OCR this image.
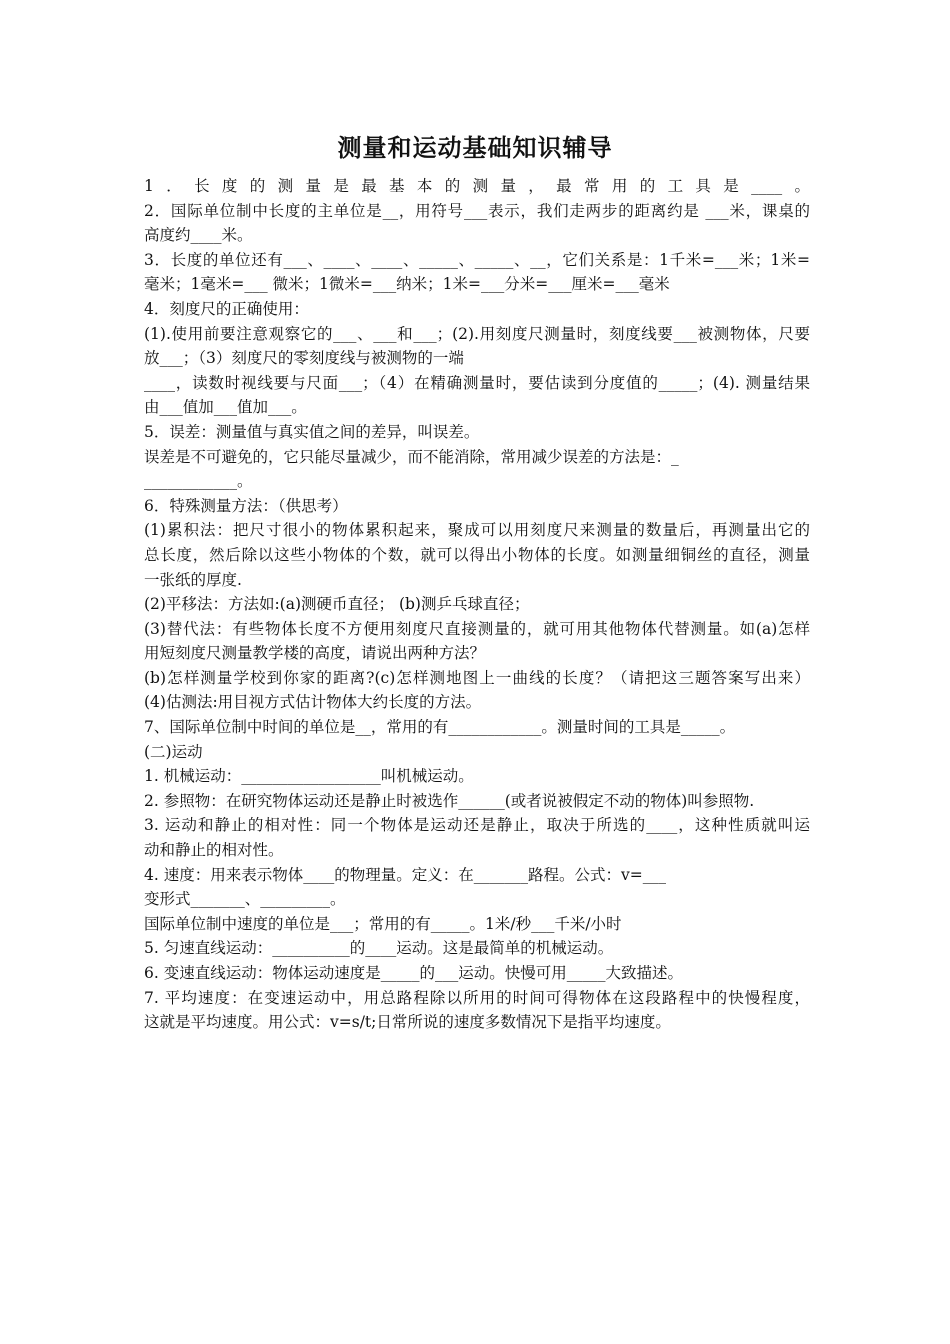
测量和运动基础知识辅导
1．长度的测量是最基本的测量，最常用的工具是____。
2．国际单位制中长度的主单位是__，用符号___表示，我们走两步的距离约是 ___米，课桌的
高度约____米。
3．长度的单位还有___、____、____、_____、_____、__，它们关系是：1千米=___米；1米=
毫米；1毫米=___ 微米；1微米=___纳米；1米=___分米=___厘米=___毫米
4．刻度尺的正确使用：
(1).使用前要注意观察它的___、___和___；(2).用刻度尺测量时，刻度线要___被测物体，尺要
放___；（3）刻度尺的零刻度线与被测物的一端
____，读数时视线要与尺面___；（4）在精确测量时，要估读到分度值的_____；(4). 测量结果
由___值加___值加___。
5．误差：测量值与真实值之间的差异，叫误差。
误差是不可避免的，它只能尽量减少，而不能消除，常用减少误差的方法是：_
____________。
6．特殊测量方法：（供思考）
(1)累积法：把尺寸很小的物体累积起来，聚成可以用刻度尺来测量的数量后，再测量出它的
总长度，然后除以这些小物体的个数，就可以得出小物体的长度。如测量细铜丝的直径，测量
一张纸的厚度.
(2)平移法：方法如:(a)测硬币直径； (b)测乒乓球直径；
(3)替代法：有些物体长度不方便用刻度尺直接测量的，就可用其他物体代替测量。如(a)怎样
用短刻度尺测量教学楼的高度，请说出两种方法？
(b)怎样测量学校到你家的距离?(c)怎样测地图上一曲线的长度？（请把这三题答案写出来）
(4)估测法:用目视方式估计物体大约长度的方法。
7、国际单位制中时间的单位是__，常用的有____________。测量时间的工具是_____。
(二)运动
1. 机械运动：__________________叫机械运动。
2. 参照物：在研究物体运动还是静止时被选作______(或者说被假定不动的物体)叫参照物.
3. 运动和静止的相对性：同一个物体是运动还是静止，取决于所选的____，这种性质就叫运
动和静止的相对性。
4. 速度：用来表示物体____的物理量。定义：在_______路程。公式：v=___
变形式_______、_________。
国际单位制中速度的单位是___；常用的有_____。1米/秒___千米/小时
5. 匀速直线运动：__________的____运动。这是最简单的机械运动。
6. 变速直线运动：物体运动速度是_____的___运动。快慢可用_____大致描述。
7. 平均速度：在变速运动中，用总路程除以所用的时间可得物体在这段路程中的快慢程度，
这就是平均速度。用公式：v=s/t;日常所说的速度多数情况下是指平均速度。
